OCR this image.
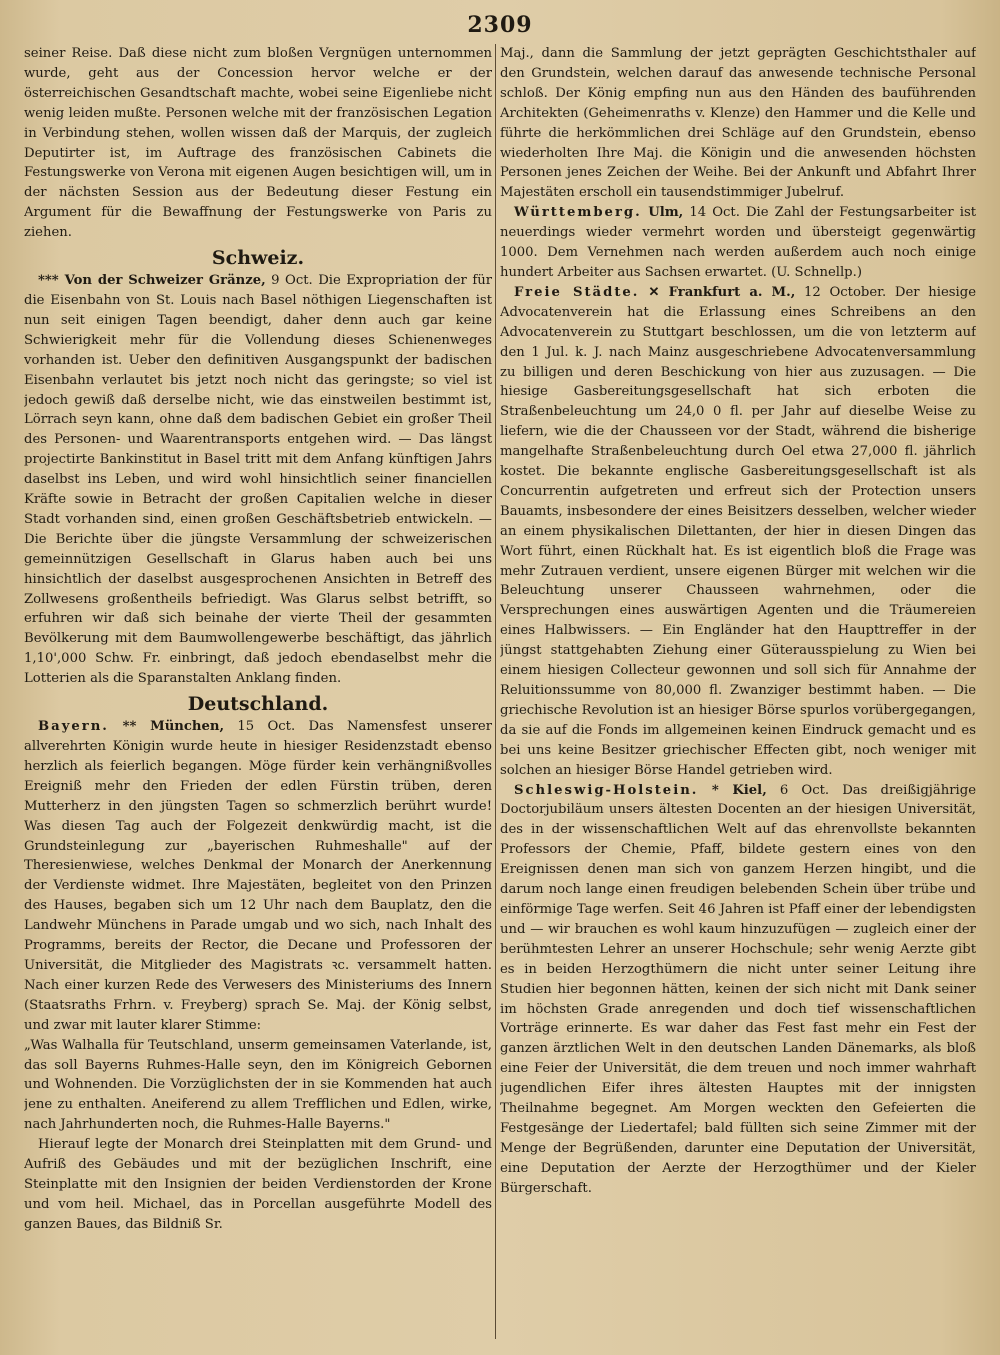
2309

seiner Reise. Daß diese nicht zum bloßen Vergnügen unternommen wurde, geht aus der Concession hervor welche er der österreichischen Gesandtschaft machte, wobei seine Eigenliebe nicht wenig leiden mußte. Personen welche mit der französischen Legation in Verbindung stehen, wollen wissen daß der Marquis, der zugleich Deputirter ist, im Auftrage des französischen Cabinets die Festungswerke von Verona mit eigenen Augen besichtigen will, um in der nächsten Session aus der Bedeutung dieser Festung ein Argument für die Bewaffnung der Festungswerke von Paris zu ziehen.

Schweiz.

*** Von der Schweizer Gränze, 9 Oct. Die Expropriation der für die Eisenbahn von St. Louis nach Basel nöthigen Liegenschaften ist nun seit einigen Tagen beendigt, daher denn auch gar keine Schwierigkeit mehr für die Vollendung dieses Schienenweges vorhanden ist. Ueber den definitiven Ausgangspunkt der badischen Eisenbahn verlautet bis jetzt noch nicht das geringste; so viel ist jedoch gewiß daß derselbe nicht, wie das einstweilen bestimmt ist, Lörrach seyn kann, ohne daß dem badischen Gebiet ein großer Theil des Personen- und Waarentransports entgehen wird. — Das längst projectirte Bankinstitut in Basel tritt mit dem Anfang künftigen Jahrs daselbst ins Leben, und wird wohl hinsichtlich seiner financiellen Kräfte sowie in Betracht der großen Capitalien welche in dieser Stadt vorhanden sind, einen großen Geschäftsbetrieb entwickeln. — Die Berichte über die jüngste Versammlung der schweizerischen gemeinnützigen Gesellschaft in Glarus haben auch bei uns hinsichtlich der daselbst ausgesprochenen Ansichten in Betreff des Zollwesens großentheils befriedigt. Was Glarus selbst betrifft, so erfuhren wir daß sich beinahe der vierte Theil der gesammten Bevölkerung mit dem Baumwollengewerbe beschäftigt, das jährlich 1,10',000 Schw. Fr. einbringt, daß jedoch ebendaselbst mehr die Lotterien als die Sparanstalten Anklang finden.

Deutschland.

Bayern. ** München, 15 Oct. Das Namensfest unserer allverehrten Königin wurde heute in hiesiger Residenzstadt ebenso herzlich als feierlich begangen. Möge fürder kein verhängnißvolles Ereigniß mehr den Frieden der edlen Fürstin trüben, deren Mutterherz in den jüngsten Tagen so schmerzlich berührt wurde! Was diesen Tag auch der Folgezeit denkwürdig macht, ist die Grundsteinlegung zur „bayerischen Ruhmeshalle" auf der Theresienwiese, welches Denkmal der Monarch der Anerkennung der Verdienste widmet. Ihre Majestäten, begleitet von den Prinzen des Hauses, begaben sich um 12 Uhr nach dem Bauplatz, den die Landwehr Münchens in Parade umgab und wo sich, nach Inhalt des Programms, bereits der Rector, die Decane und Professoren der Universität, die Mitglieder des Magistrats ꝛc. versammelt hatten. Nach einer kurzen Rede des Verwesers des Ministeriums des Innern (Staatsraths Frhrn. v. Freyberg) sprach Se. Maj. der König selbst, und zwar mit lauter klarer Stimme:

„Was Walhalla für Teutschland, unserm gemeinsamen Vaterlande, ist, das soll Bayerns Ruhmes-Halle seyn, den im Königreich Gebornen und Wohnenden. Die Vorzüglichsten der in sie Kommenden hat auch jene zu enthalten. Aneiferend zu allem Trefflichen und Edlen, wirke, nach Jahrhunderten noch, die Ruhmes-Halle Bayerns."

Hierauf legte der Monarch drei Steinplatten mit dem Grund- und Aufriß des Gebäudes und mit der bezüglichen Inschrift, eine Steinplatte mit den Insignien der beiden Verdienstorden der Krone und vom heil. Michael, das in Porcellan ausgeführte Modell des ganzen Baues, das Bildniß Sr.

Maj., dann die Sammlung der jetzt geprägten Geschichtsthaler auf den Grundstein, welchen darauf das anwesende technische Personal schloß. Der König empfing nun aus den Händen des bauführenden Architekten (Geheimenraths v. Klenze) den Hammer und die Kelle und führte die herkömmlichen drei Schläge auf den Grundstein, ebenso wiederholten Ihre Maj. die Königin und die anwesenden höchsten Personen jenes Zeichen der Weihe. Bei der Ankunft und Abfahrt Ihrer Majestäten erscholl ein tausendstimmiger Jubelruf.

Württemberg. Ulm, 14 Oct. Die Zahl der Festungsarbeiter ist neuerdings wieder vermehrt worden und übersteigt gegenwärtig 1000. Dem Vernehmen nach werden außerdem auch noch einige hundert Arbeiter aus Sachsen erwartet. (U. Schnellp.)

Freie Städte. ✕ Frankfurt a. M., 12 October. Der hiesige Advocatenverein hat die Erlassung eines Schreibens an den Advocatenverein zu Stuttgart beschlossen, um die von letzterm auf den 1 Jul. k. J. nach Mainz ausgeschriebene Advocatenversammlung zu billigen und deren Beschickung von hier aus zuzusagen. — Die hiesige Gasbereitungsgesellschaft hat sich erboten die Straßenbeleuchtung um 24,0 0 fl. per Jahr auf dieselbe Weise zu liefern, wie die der Chausseen vor der Stadt, während die bisherige mangelhafte Straßenbeleuchtung durch Oel etwa 27,000 fl. jährlich kostet. Die bekannte englische Gasbereitungsgesellschaft ist als Concurrentin aufgetreten und erfreut sich der Protection unsers Bauamts, insbesondere der eines Beisitzers desselben, welcher wieder an einem physikalischen Dilettanten, der hier in diesen Dingen das Wort führt, einen Rückhalt hat. Es ist eigentlich bloß die Frage was mehr Zutrauen verdient, unsere eigenen Bürger mit welchen wir die Beleuchtung unserer Chausseen wahrnehmen, oder die Versprechungen eines auswärtigen Agenten und die Träumereien eines Halbwissers. — Ein Engländer hat den Haupttreffer in der jüngst stattgehabten Ziehung einer Güterausspielung zu Wien bei einem hiesigen Collecteur gewonnen und soll sich für Annahme der Reluitionssumme von 80,000 fl. Zwanziger bestimmt haben. — Die griechische Revolution ist an hiesiger Börse spurlos vorübergegangen, da sie auf die Fonds im allgemeinen keinen Eindruck gemacht und es bei uns keine Besitzer griechischer Effecten gibt, noch weniger mit solchen an hiesiger Börse Handel getrieben wird.

Schleswig-Holstein. * Kiel, 6 Oct. Das dreißigjährige Doctorjubiläum unsers ältesten Docenten an der hiesigen Universität, des in der wissenschaftlichen Welt auf das ehrenvollste bekannten Professors der Chemie, Pfaff, bildete gestern eines von den Ereignissen denen man sich von ganzem Herzen hingibt, und die darum noch lange einen freudigen belebenden Schein über trübe und einförmige Tage werfen. Seit 46 Jahren ist Pfaff einer der lebendigsten und — wir brauchen es wohl kaum hinzuzufügen — zugleich einer der berühmtesten Lehrer an unserer Hochschule; sehr wenig Aerzte gibt es in beiden Herzogthümern die nicht unter seiner Leitung ihre Studien hier begonnen hätten, keinen der sich nicht mit Dank seiner im höchsten Grade anregenden und doch tief wissenschaftlichen Vorträge erinnerte. Es war daher das Fest fast mehr ein Fest der ganzen ärztlichen Welt in den deutschen Landen Dänemarks, als bloß eine Feier der Universität, die dem treuen und noch immer wahrhaft jugendlichen Eifer ihres ältesten Hauptes mit der innigsten Theilnahme begegnet. Am Morgen weckten den Gefeierten die Festgesänge der Liedertafel; bald füllten sich seine Zimmer mit der Menge der Begrüßenden, darunter eine Deputation der Universität, eine Deputation der Aerzte der Herzogthümer und der Kieler Bürgerschaft.
